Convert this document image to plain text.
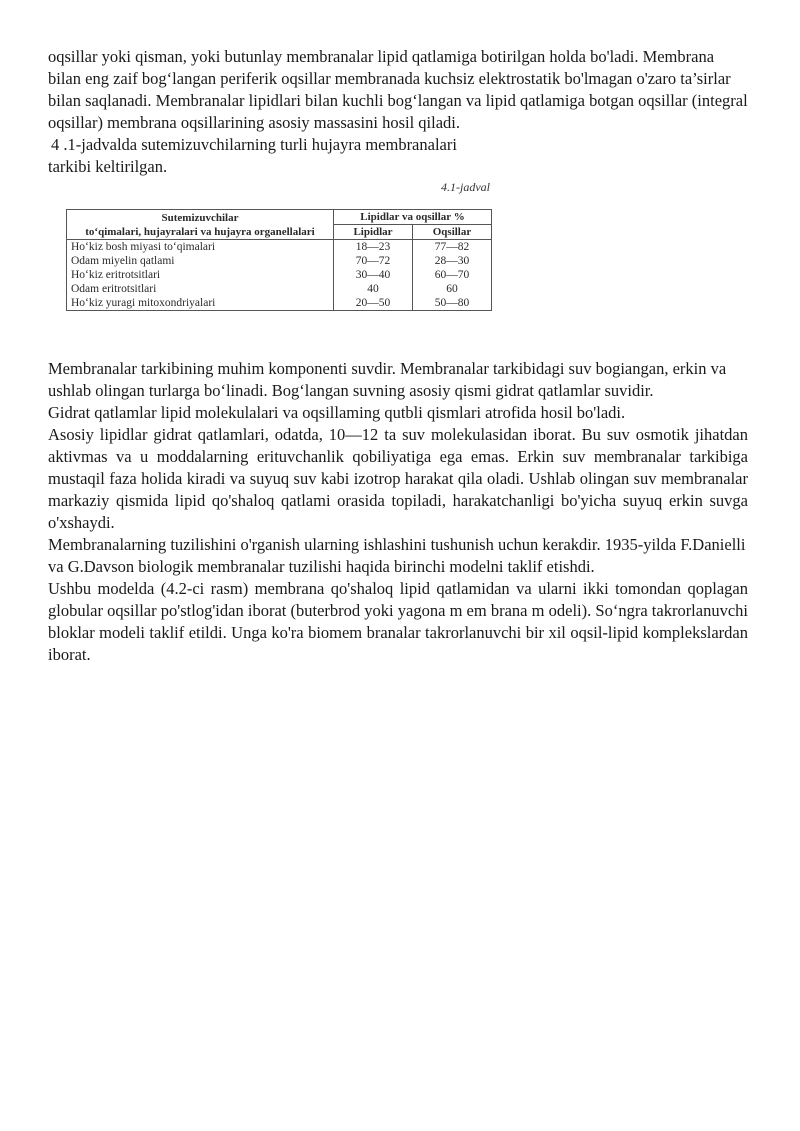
oqsillar yoki qisman, yoki butunlay membranalar lipid qatlamiga botirilgan holda bo'ladi. Membrana bilan eng zaif bog‘langan periferik oqsillar membranada kuchsiz elektrostatik bo'lmagan o'zaro ta’sirlar bilan saqlanadi. Membranalar lipidlari bilan kuchli bog‘langan va lipid qatlamiga botgan oqsillar (integral oqsillar) membrana oqsillarining asosiy massasini hosil qiladi.

4 .1-jadvalda sutemizuvchilarning turli hujayra membranalari

tarkibi keltirilgan.

4.1-jadval
Sutemizuvchilar
to‘qimalari, hujayralari va hujayra organellalari	Lipidlar va oqsillar %	
	Lipidlar	Oqsillar
Ho‘kiz bosh miyasi to‘qimalari	18—23	77—82
Odam miyelin qatlami	70—72	28—30
Ho‘kiz eritrotsitlari	30—40	60—70
Odam eritrotsitlari	40	60
Ho‘kiz yuragi mitoxondriyalari	20—50	50—80

Membranalar tarkibining muhim komponenti suvdir. Membranalar tarkibidagi suv bogiangan, erkin va ushlab olingan turlarga bo‘linadi. Bog‘langan suvning asosiy qismi gidrat qatlamlar suvidir.

Gidrat qatlamlar lipid molekulalari va oqsillaming qutbli qismlari atrofida hosil bo'ladi.

Asosiy lipidlar gidrat qatlamlari, odatda, 10—12 ta suv molekulasidan iborat. Bu suv osmotik jihatdan aktivmas va u moddalarning erituvchanlik qobiliyatiga ega emas. Erkin suv membranalar tarkibiga mustaqil faza holida kiradi va suyuq suv kabi izotrop harakat qila oladi. Ushlab olingan suv membranalar markaziy qismida lipid qo'shaloq qatlami orasida topiladi, harakatchanligi bo'yicha suyuq erkin suvga o'xshaydi.

Membranalarning tuzilishini o'rganish ularning ishlashini tushunish uchun kerakdir. 1935-yilda F.Danielli va G.Davson biologik membranalar tuzilishi haqida birinchi modelni taklif etishdi.

Ushbu modelda (4.2-ci rasm) membrana qo'shaloq lipid qatlamidan va ularni ikki tomondan qoplagan globular oqsillar po'stlog'idan iborat (buterbrod yoki yagona m em brana m odeli). So‘ngra takrorlanuvchi bloklar modeli taklif etildi. Unga ko'ra biomem branalar takrorlanuvchi bir xil oqsil-lipid komplekslardan iborat.
